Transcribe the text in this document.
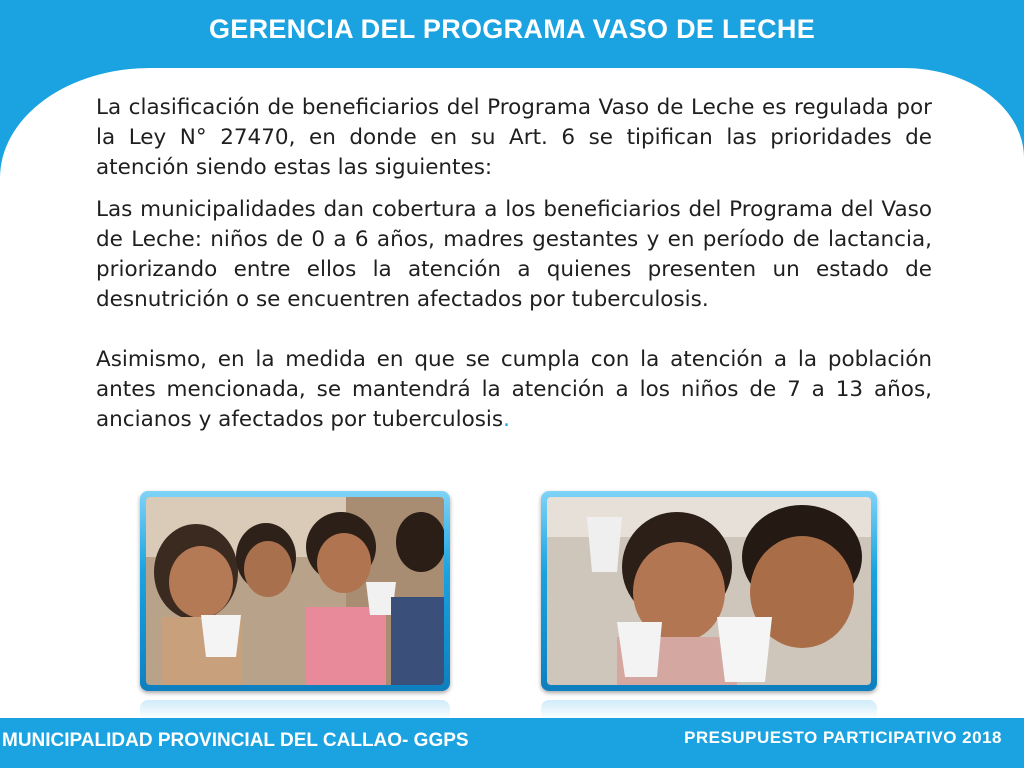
GERENCIA DEL PROGRAMA VASO DE LECHE

La clasificación de beneficiarios del Programa Vaso de Leche es regulada por la Ley N° 27470, en donde en su Art. 6 se tipifican las prioridades de atención siendo estas las siguientes:

Las municipalidades dan cobertura a los beneficiarios del Programa del Vaso de Leche: niños de 0 a 6 años, madres gestantes y en período de lactancia, priorizando entre ellos la atención a quienes presenten un estado de desnutrición o se encuentren afectados por tuberculosis.

Asimismo, en la medida en que se cumpla con la atención a la población antes mencionada, se mantendrá la atención a los niños de 7 a 13 años, ancianos y afectados por tuberculosis.

MUNICIPALIDAD PROVINCIAL DEL CALLAO- GGPS	PRESUPUESTO PARTICIPATIVO 2018
